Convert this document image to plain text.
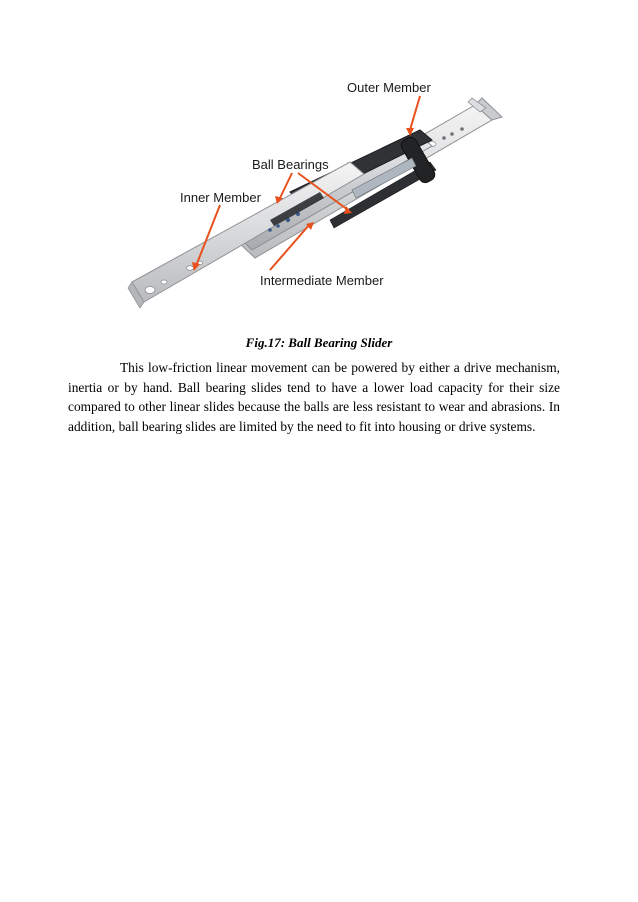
Outer Member
Ball Bearings
Inner Member
Intermediate Member
Fig.17: Ball Bearing Slider

This low-friction linear movement can be powered by either a drive mechanism, inertia or by hand. Ball bearing slides tend to have a lower load capacity for their size compared to other linear slides because the balls are less resistant to wear and abrasions. In addition, ball bearing slides are limited by the need to fit into housing or drive systems.
